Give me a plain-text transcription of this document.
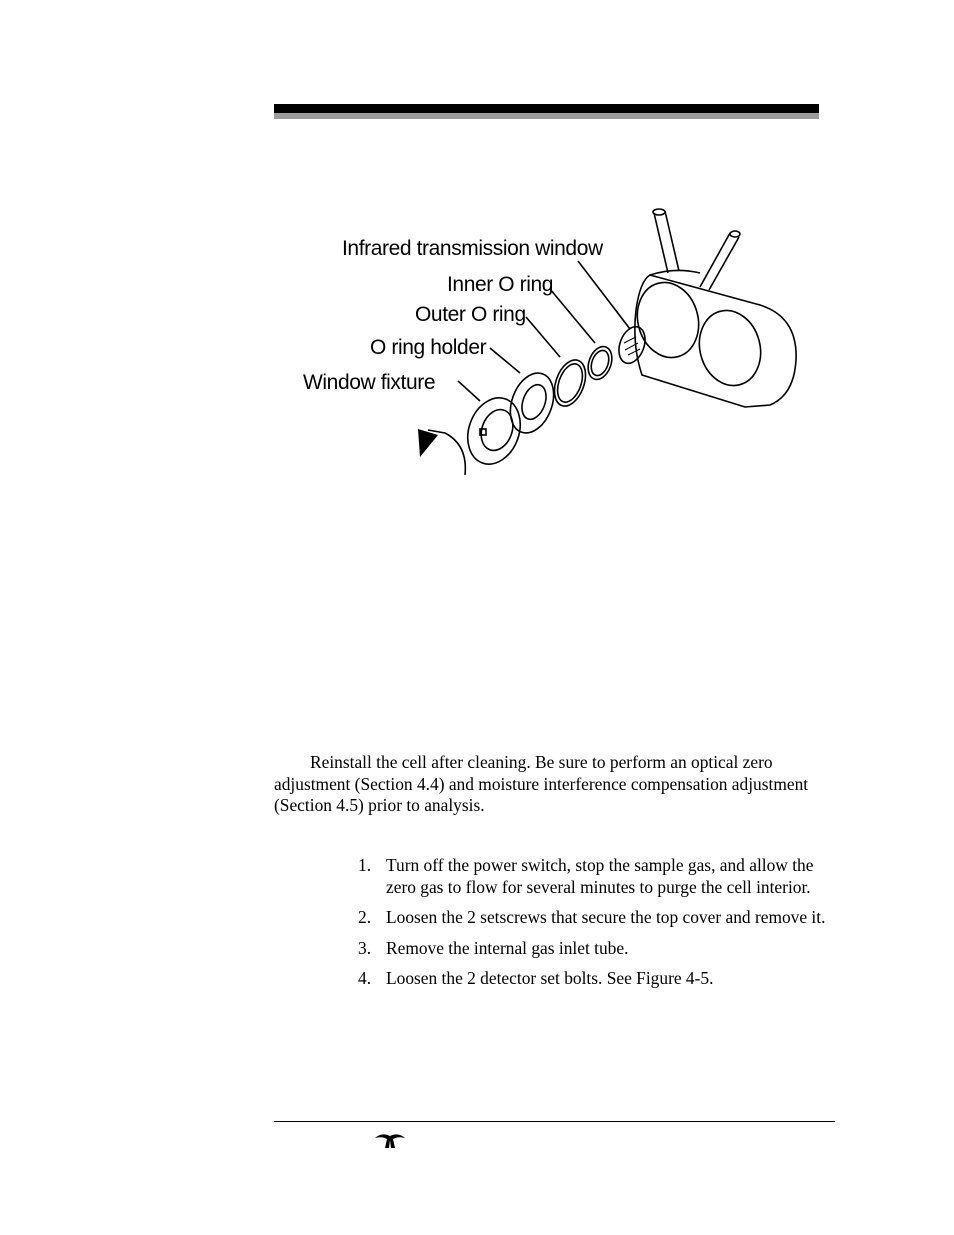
Infrared transmission window
Inner O ring
Outer O ring
O ring holder
Window fixture

Reinstall the cell after cleaning. Be sure to perform an optical zero adjustment (Section 4.4) and moisture interference compensation adjustment (Section 4.5) prior to analysis.

1. Turn off the power switch, stop the sample gas, and allow the zero gas to flow for several minutes to purge the cell interior.
2. Loosen the 2 setscrews that secure the top cover and remove it.
3. Remove the internal gas inlet tube.
4. Loosen the 2 detector set bolts. See Figure 4-5.
